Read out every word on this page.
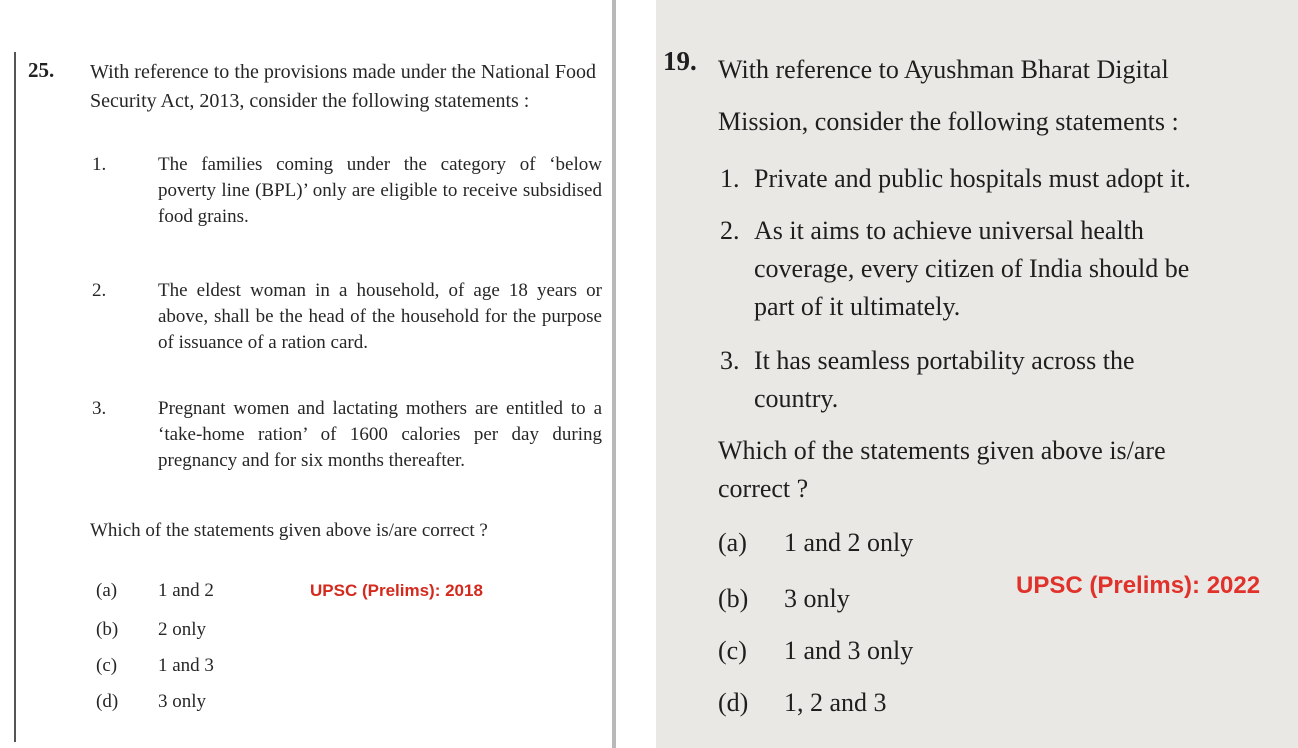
25. With reference to the provisions made under the National Food Security Act, 2013, consider the following statements :
1.	The families coming under the category of ‘below poverty line (BPL)’ only are eligible to receive subsidised food grains.
2.	The eldest woman in a household, of age 18 years or above, shall be the head of the household for the purpose of issuance of a ration card.
3.	Pregnant women and lactating mothers are entitled to a ‘take-home ration’ of 1600 calories per day during pregnancy and for six months thereafter.
Which of the statements given above is/are correct ?
(a) 1 and 2
(b) 2 only
(c) 1 and 3
(d) 3 only
UPSC (Prelims): 2018
19. With reference to Ayushman Bharat Digital Mission, consider the following statements :
1. Private and public hospitals must adopt it.
2. As it aims to achieve universal health coverage, every citizen of India should be part of it ultimately.
3. It has seamless portability across the country.
Which of the statements given above is/are correct ?
(a) 1 and 2 only
(b) 3 only
(c) 1 and 3 only
(d) 1, 2 and 3
UPSC (Prelims): 2022
